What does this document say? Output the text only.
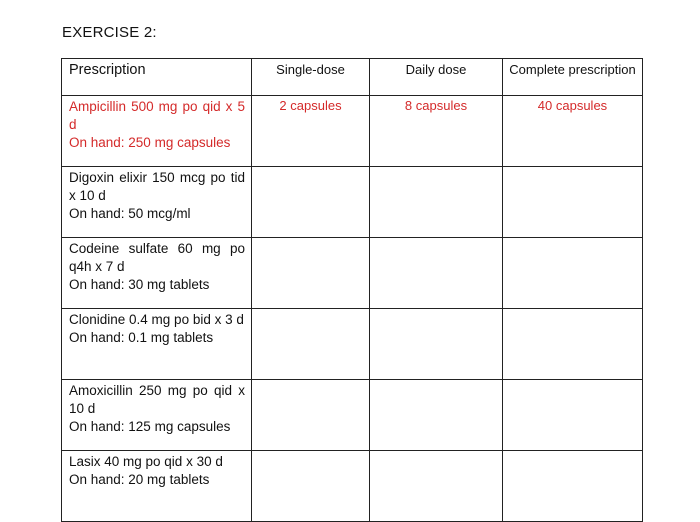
EXERCISE 2:
Prescription	Single-dose	Daily dose	Complete prescription

Ampicillin 500 mg po qid x 5 d
On hand: 250 mg capsules	2 capsules	8 capsules	40 capsules

Digoxin elixir 150 mcg po tid x 10 d
On hand: 50 mcg/ml			

Codeine sulfate 60 mg po q4h x 7 d
On hand: 30 mg tablets			

Clonidine 0.4 mg po bid x 3 d
On hand: 0.1 mg tablets			

Amoxicillin 250 mg po qid x 10 d
On hand: 125 mg capsules			

Lasix 40 mg po qid x 30 d
On hand: 20 mg tablets			
